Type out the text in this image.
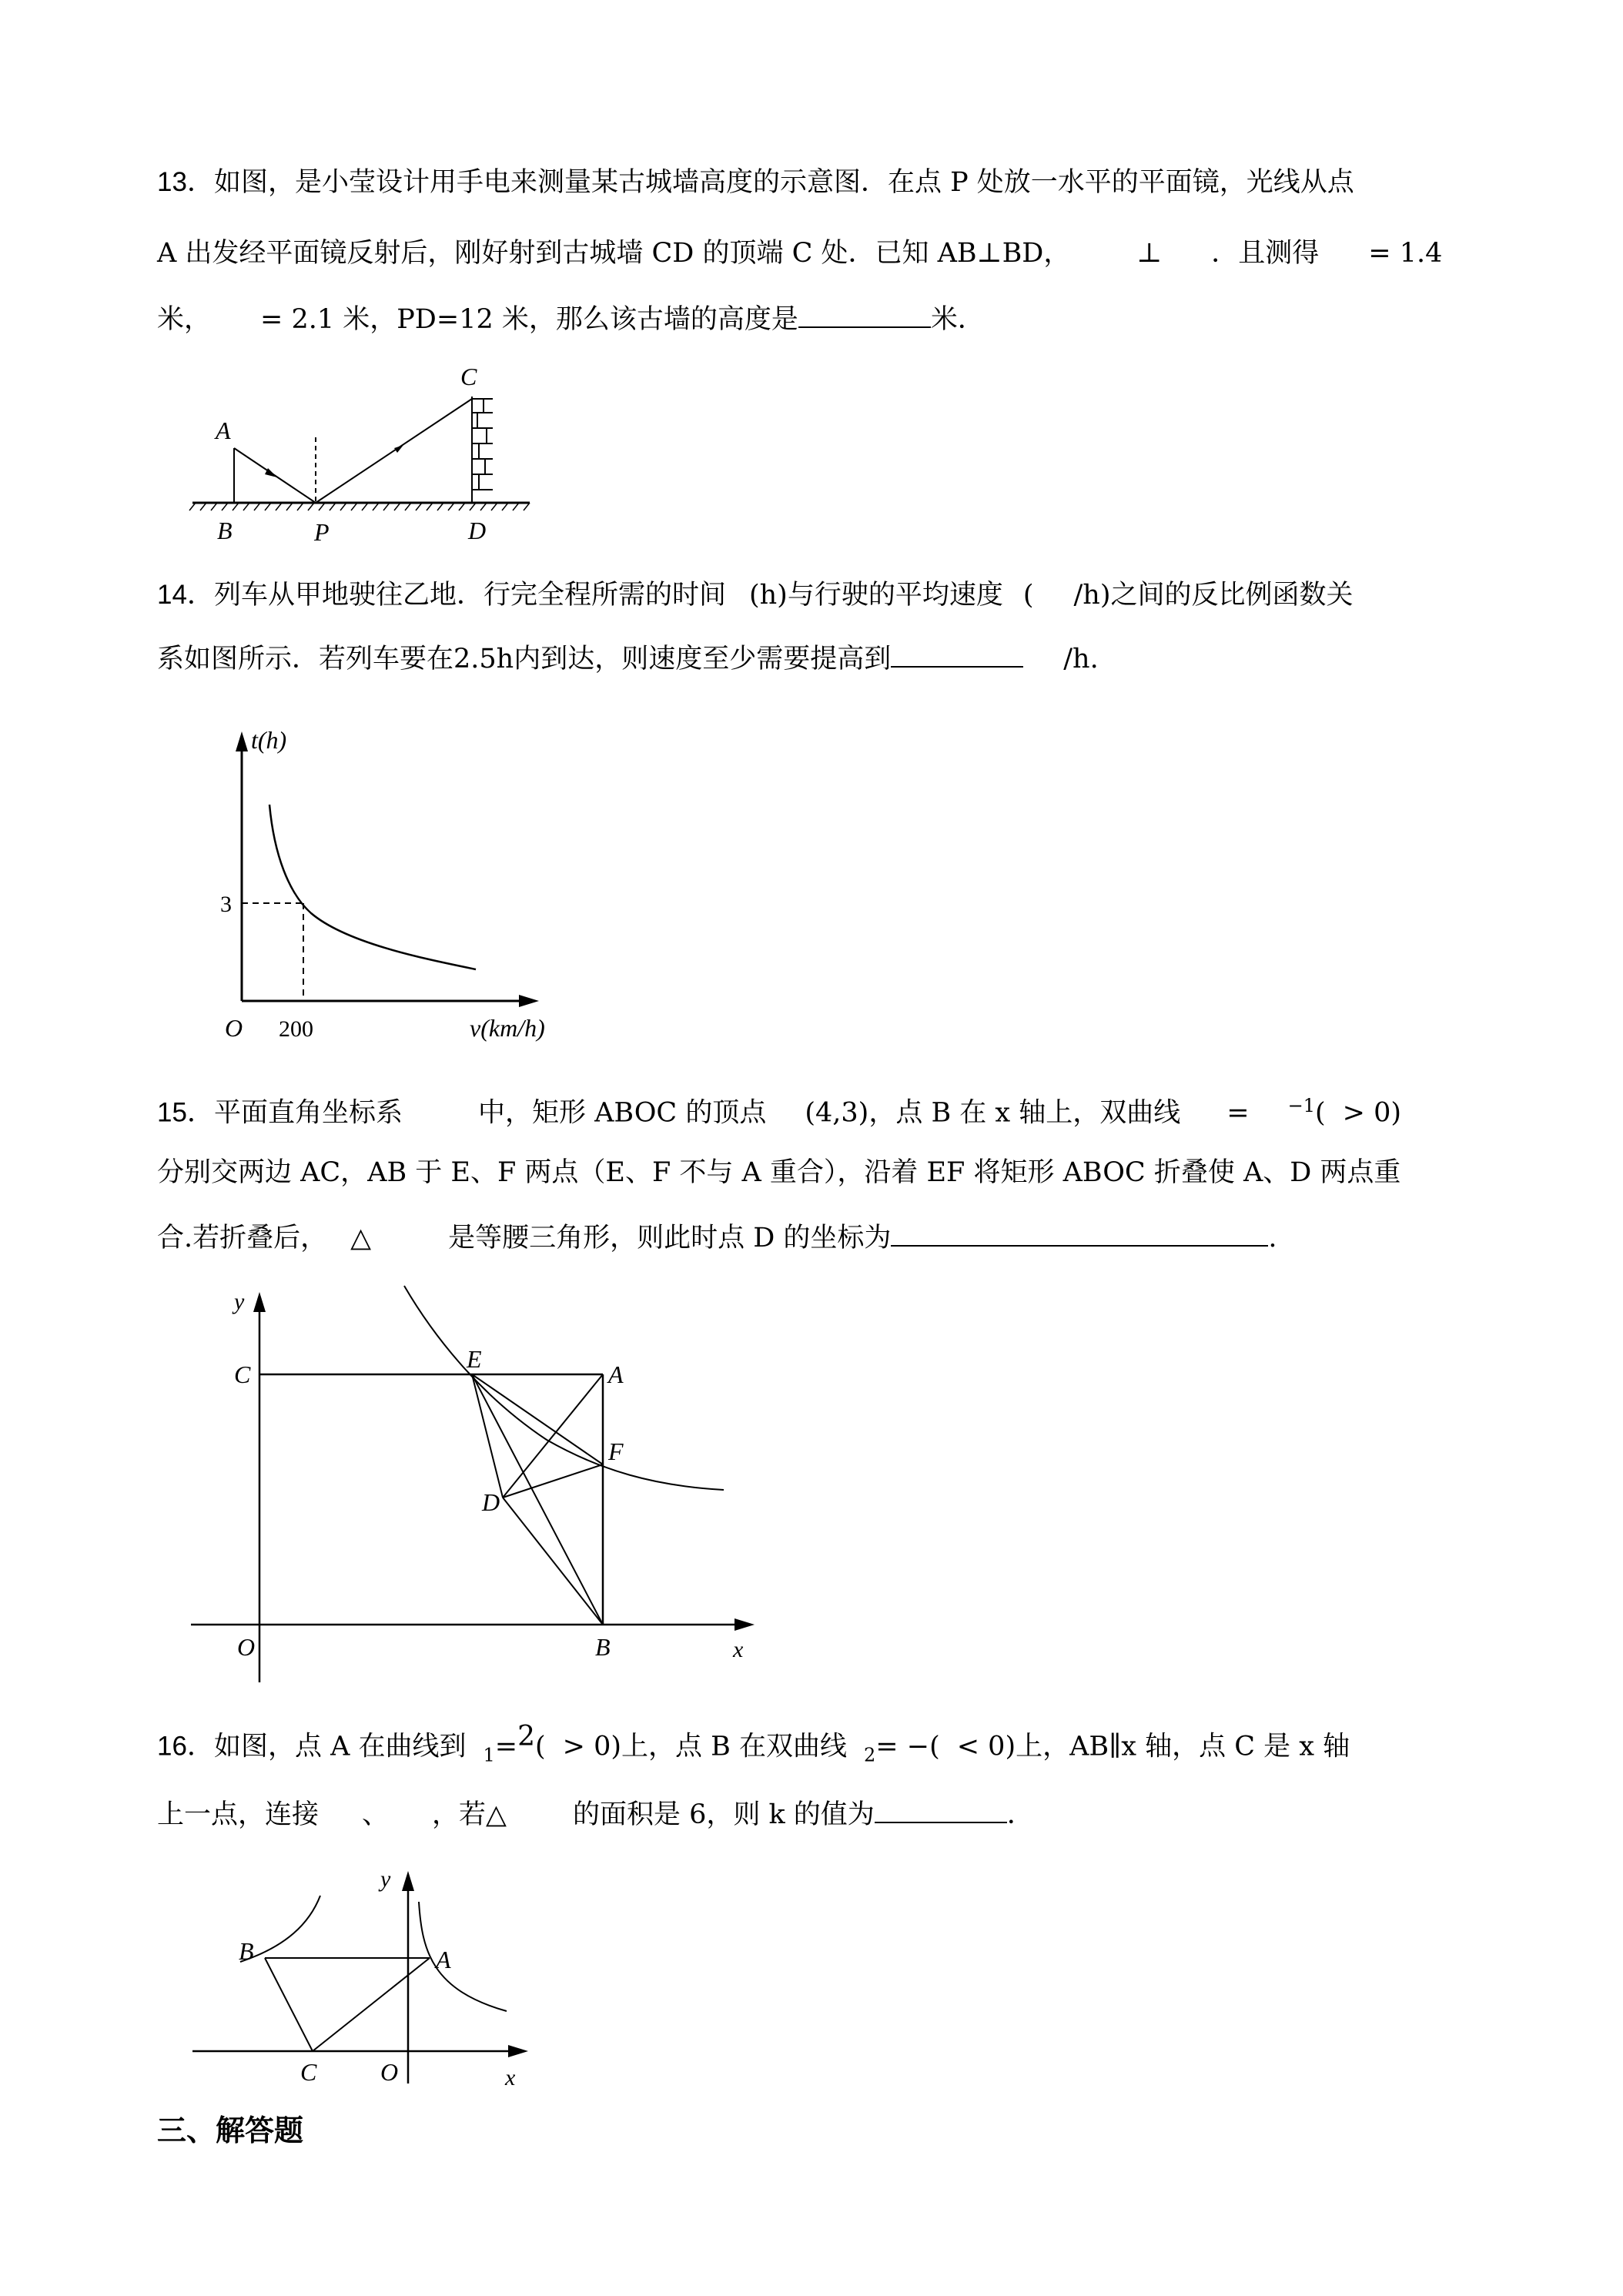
13．如图，是小莹设计用手电来测量某古城墙高度的示意图．在点 P 处放一水平的平面镜，光线从点
A 出发经平面镜反射后，刚好射到古城墙 CD 的顶端 C 处．已知 AB⊥BD， ⊥ ．且测得 = 1.4
米， = 2.1 米，PD=12 米，那么该古墙的高度是	米．
A
B	P
C
D
14．列车从甲地驶往乙地．行完全程所需的时间 (h)与行驶的平均速度 ( /h)之间的反比例函数关
系如图所示．若列车要在2.5h内到达，则速度至少需要提高到	/h.
t(h)
v(km/h)
O
3
200
15．平面直角坐标系	中，矩形 ABOC 的顶点 (4,3)，点 B 在 x 轴上，双曲线 = $^{-1}$( > 0)
分别交两边 AC，AB 于 E、F 两点（E、F 不与 A 重合），沿着 EF 将矩形 ABOC 折叠使 A、D 两点重
合.若折叠后， △	是等腰三角形，则此时点 D 的坐标为	.
y
x
C
E
A
F
D
B
O
16．如图，点 A 在曲线到 $_1$=2( > 0)上，点 B 在双曲线 $_2$= −( < 0)上，AB∥x 轴，点 C 是 x 轴
上一点，连接 、 ，若△ 的面积是 6，则 k 的值为	．
y
x
B	A
C	O
三、解答题
